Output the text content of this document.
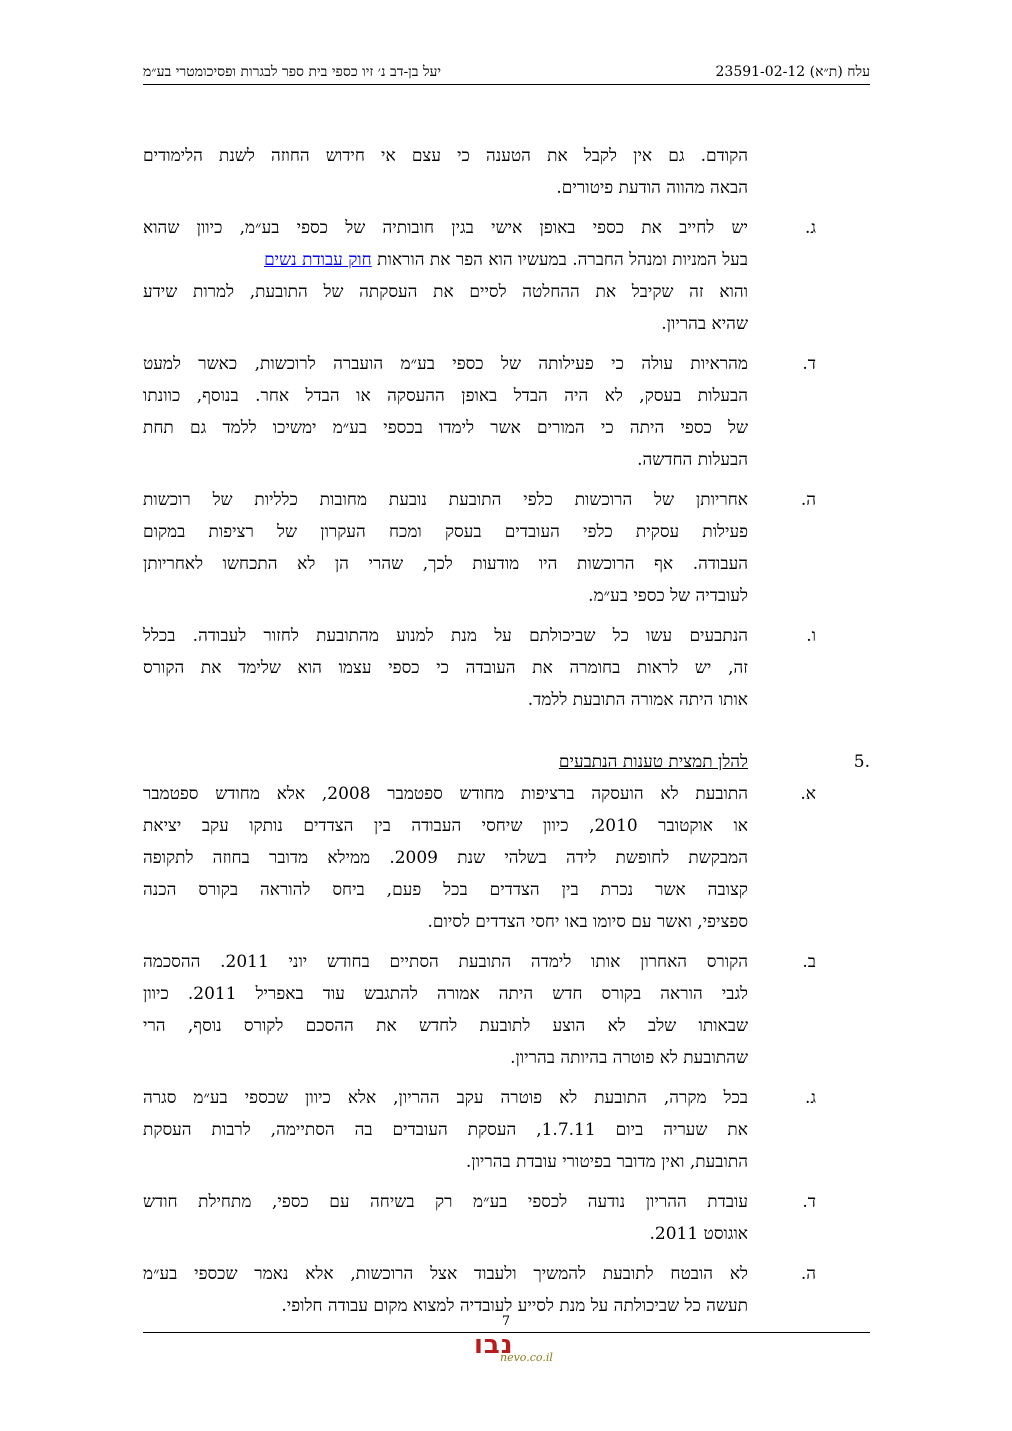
עלח (ת״א) 23591-02-12
יעל בן-דב נ׳ זיו כספי בית ספר לבגרות ופסיכומטרי בע״מ
הקודם. גם אין לקבל את הטענה כי עצם אי חידוש החוזה לשנת הלימודים
הבאה מהווה הודעת פיטורים.
ג.
יש לחייב את כספי באופן אישי בגין חובותיה של כספי בע״מ, כיוון שהוא
בעל המניות ומנהל החברה. במעשיו הוא הפר את הוראות חוק עבודת נשים
והוא זה שקיבל את ההחלטה לסיים את העסקתה של התובעת, למרות שידע
שהיא בהריון.
ד.
מהראיות עולה כי פעילותה של כספי בע״מ הועברה לרוכשות, כאשר למעט
הבעלות בעסק, לא היה הבדל באופן ההעסקה או הבדל אחר. בנוסף, כוונתו
של כספי היתה כי המורים אשר לימדו בכספי בע״מ ימשיכו ללמד גם תחת
הבעלות החדשה.
ה.
אחריותן של הרוכשות כלפי התובעת נובעת מחובות כלליות של רוכשות
פעילות עסקית כלפי העובדים בעסק ומכח העקרון של רציפות במקום
העבודה. אף הרוכשות היו מודעות לכך, שהרי הן לא התכחשו לאחריותן
לעובדיה של כספי בע״מ.
ו.
הנתבעים עשו כל שביכולתם על מנת למנוע מהתובעת לחזור לעבודה. בכלל
זה, יש לראות בחומרה את העובדה כי כספי עצמו הוא שלימד את הקורס
אותו היתה אמורה התובעת ללמד.
5.
להלן תמצית טענות הנתבעים
א.
התובעת לא הועסקה ברציפות מחודש ספטמבר 2008, אלא מחודש ספטמבר
או אוקטובר 2010, כיוון שיחסי העבודה בין הצדדים נותקו עקב יציאת
המבקשת לחופשת לידה בשלהי שנת 2009. ממילא מדובר בחוזה לתקופה
קצובה אשר נכרת בין הצדדים בכל פעם, ביחס להוראה בקורס הכנה
ספציפי, ואשר עם סיומו באו יחסי הצדדים לסיום.
ב.
הקורס האחרון אותו לימדה התובעת הסתיים בחודש יוני 2011. ההסכמה
לגבי הוראה בקורס חדש היתה אמורה להתגבש עוד באפריל 2011. כיוון
שבאותו שלב לא הוצע לתובעת לחדש את ההסכם לקורס נוסף, הרי
שהתובעת לא פוטרה בהיותה בהריון.
ג.
בכל מקרה, התובעת לא פוטרה עקב ההריון, אלא כיוון שכספי בע״מ סגרה
את שעריה ביום 1.7.11, העסקת העובדים בה הסתיימה, לרבות העסקת
התובעת, ואין מדובר בפיטורי עובדת בהריון.
ד.
עובדת ההריון נודעה לכספי בע״מ רק בשיחה עם כספי, מתחילת חודש
אוגוסט 2011.
ה.
לא הובטח לתובעת להמשיך ולעבוד אצל הרוכשות, אלא נאמר שכספי בע״מ
תעשה כל שביכולתה על מנת לסייע לעובדיה למצוא מקום עבודה חלופי.
7
נבו
nevo.co.il
